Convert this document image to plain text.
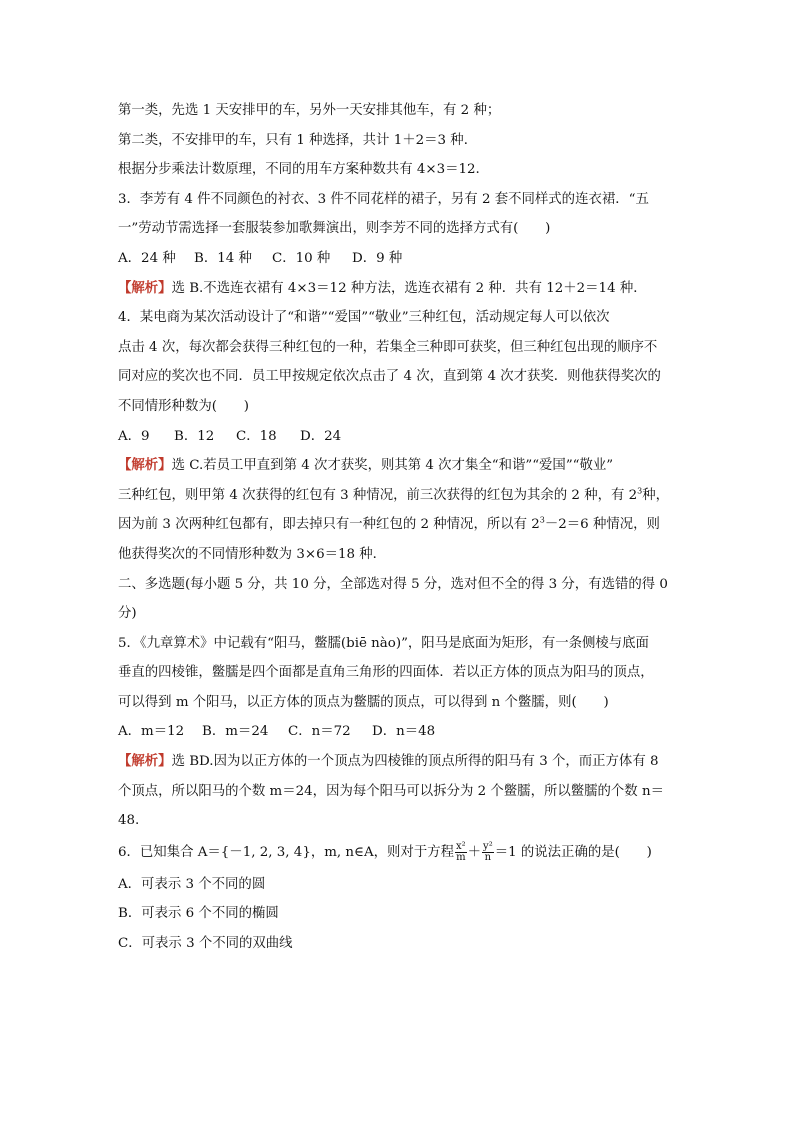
第一类，先选 1 天安排甲的车，另外一天安排其他车，有 2 种；
第二类，不安排甲的车，只有 1 种选择，共计 1＋2＝3 种．
根据分步乘法计数原理，不同的用车方案种数共有 4×3＝12.
3．李芳有 4 件不同颜色的衬衣、3 件不同花样的裙子，另有 2 套不同样式的连衣裙．“五
一”劳动节需选择一套服装参加歌舞演出，则李芳不同的选择方式有(　　)
A．24 种	B．14 种	C．10 种	D．9 种
【解析】选 B.不选连衣裙有 4×3＝12 种方法，选连衣裙有 2 种．共有 12＋2＝14 种．
4．某电商为某次活动设计了“和谐”“爱国”“敬业”三种红包，活动规定每人可以依次
点击 4 次，每次都会获得三种红包的一种，若集全三种即可获奖，但三种红包出现的顺序不
同对应的奖次也不同．员工甲按规定依次点击了 4 次，直到第 4 次才获奖．则他获得奖次的
不同情形种数为(　　)
A．9	B．12	C．18	D．24
【解析】选 C.若员工甲直到第 4 次才获奖，则其第 4 次才集全“和谐”“爱国”“敬业”
三种红包，则甲第 4 次获得的红包有 3 种情况，前三次获得的红包为其余的 2 种，有 $2^3$种，
因为前 3 次两种红包都有，即去掉只有一种红包的 2 种情况，所以有 $2^3-2=6$ 种情况，则
他获得奖次的不同情形种数为 3×6＝18 种．
二、多选题(每小题 5 分，共 10 分，全部选对得 5 分，选对但不全的得 3 分，有选错的得 0
分)
5．《九章算术》中记载有“阳马，鳖臑(biē nào)”，阳马是底面为矩形，有一条侧棱与底面
垂直的四棱锥，鳖臑是四个面都是直角三角形的四面体．若以正方体的顶点为阳马的顶点，
可以得到 m 个阳马，以正方体的顶点为鳖臑的顶点，可以得到 n 个鳖臑，则(　　)
A．m＝12	B．m＝24	C．n＝72	D．n＝48
【解析】选 BD.因为以正方体的一个顶点为四棱锥的顶点所得的阳马有 3 个，而正方体有 8
个顶点，所以阳马的个数 m＝24，因为每个阳马可以拆分为 2 个鳖臑，所以鳖臑的个数 n＝
48.
6．已知集合 A＝{－1, 2, 3, 4}，m, n∈A，则对于方程 $\frac{\text{x²}}{m} + \frac{\text{y²}}{n} =1$ 的说法正确的是(　　)
A．可表示 3 个不同的圆
B．可表示 6 个不同的椭圆
C．可表示 3 个不同的双曲线
